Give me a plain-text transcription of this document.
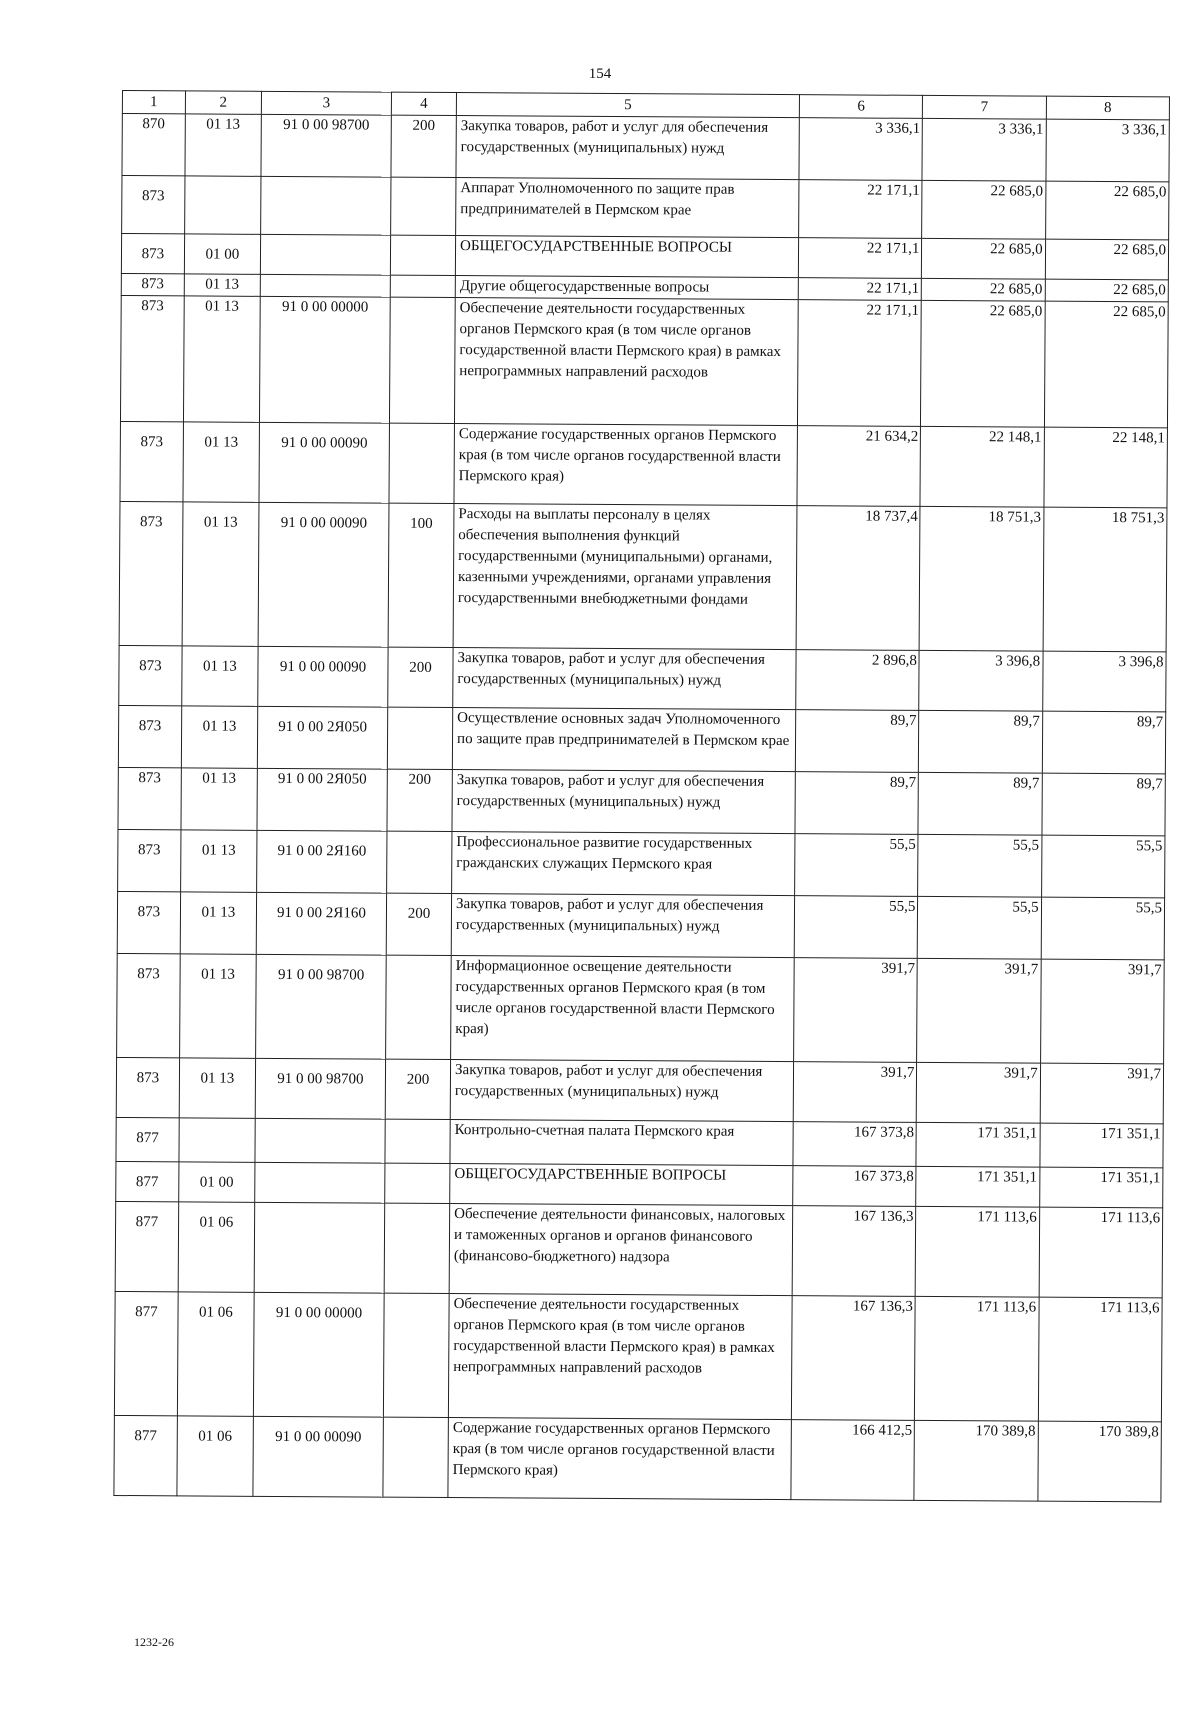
154
1	2	3	4	5	6	7	8
870	01 13	91 0 00 98700	200	Закупка товаров, работ и услуг для обеспечения государственных (муниципальных) нужд	3 336,1	3 336,1	3 336,1
873				Аппарат Уполномоченного по защите прав предпринимателей в Пермском крае	22 171,1	22 685,0	22 685,0
873	01 00			ОБЩЕГОСУДАРСТВЕННЫЕ ВОПРОСЫ	22 171,1	22 685,0	22 685,0
873	01 13			Другие общегосударственные вопросы	22 171,1	22 685,0	22 685,0
873	01 13	91 0 00 00000		Обеспечение деятельности государственных органов Пермского края (в том числе органов государственной власти Пермского края) в рамках непрограммных направлений расходов	22 171,1	22 685,0	22 685,0
873	01 13	91 0 00 00090		Содержание государственных органов Пермского края (в том числе органов государственной власти Пермского края)	21 634,2	22 148,1	22 148,1
873	01 13	91 0 00 00090	100	Расходы на выплаты персоналу в целях обеспечения выполнения функций государственными (муниципальными) органами, казенными учреждениями, органами управления государственными внебюджетными фондами	18 737,4	18 751,3	18 751,3
873	01 13	91 0 00 00090	200	Закупка товаров, работ и услуг для обеспечения государственных (муниципальных) нужд	2 896,8	3 396,8	3 396,8
873	01 13	91 0 00 2Я050		Осуществление основных задач Уполномоченного по защите прав предпринимателей в Пермском крае	89,7	89,7	89,7
873	01 13	91 0 00 2Я050	200	Закупка товаров, работ и услуг для обеспечения государственных (муниципальных) нужд	89,7	89,7	89,7
873	01 13	91 0 00 2Я160		Профессиональное развитие государственных гражданских служащих Пермского края	55,5	55,5	55,5
873	01 13	91 0 00 2Я160	200	Закупка товаров, работ и услуг для обеспечения государственных (муниципальных) нужд	55,5	55,5	55,5
873	01 13	91 0 00 98700		Информационное освещение деятельности государственных органов Пермского края (в том числе органов государственной власти Пермского края)	391,7	391,7	391,7
873	01 13	91 0 00 98700	200	Закупка товаров, работ и услуг для обеспечения государственных (муниципальных) нужд	391,7	391,7	391,7
877				Контрольно-счетная палата Пермского края	167 373,8	171 351,1	171 351,1
877	01 00			ОБЩЕГОСУДАРСТВЕННЫЕ ВОПРОСЫ	167 373,8	171 351,1	171 351,1
877	01 06			Обеспечение деятельности финансовых, налоговых и таможенных органов и органов финансового (финансово-бюджетного) надзора	167 136,3	171 113,6	171 113,6
877	01 06	91 0 00 00000		Обеспечение деятельности государственных органов Пермского края (в том числе органов государственной власти Пермского края) в рамках непрограммных направлений расходов	167 136,3	171 113,6	171 113,6
877	01 06	91 0 00 00090		Содержание государственных органов Пермского края (в том числе органов государственной власти Пермского края)	166 412,5	170 389,8	170 389,8
1232-26
